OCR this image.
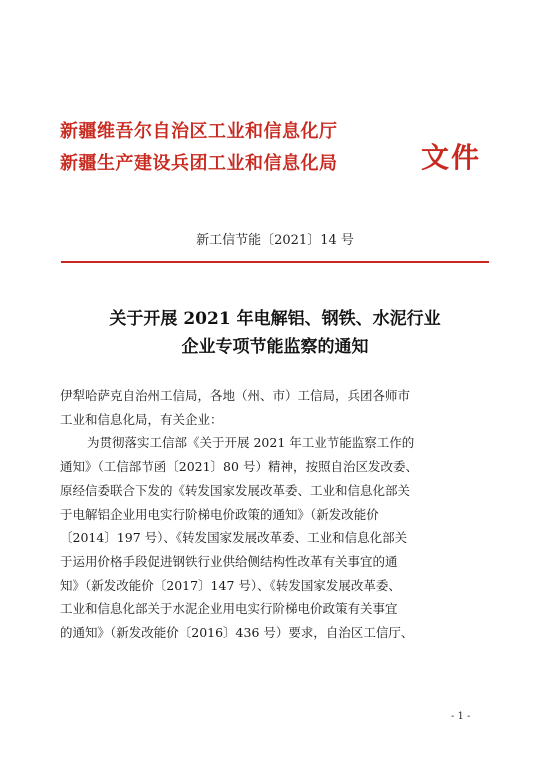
新疆维吾尔自治区工业和信息化厅
新疆生产建设兵团工业和信息化局	文件
新工信节能〔2021〕14 号
关于开展 2021 年电解铝、钢铁、水泥行业
企业专项节能监察的通知
伊犁哈萨克自治州工信局，各地（州、市）工信局，兵团各师市
工业和信息化局，有关企业：
为贯彻落实工信部《关于开展 2021 年工业节能监察工作的
通知》（工信部节函〔2021〕80 号）精神，按照自治区发改委、
原经信委联合下发的《转发国家发展改革委、工业和信息化部关
于电解铝企业用电实行阶梯电价政策的通知》（新发改能价
〔2014〕197 号）、《转发国家发展改革委、工业和信息化部关
于运用价格手段促进钢铁行业供给侧结构性改革有关事宜的通
知》（新发改能价〔2017〕147 号）、《转发国家发展改革委、
工业和信息化部关于水泥企业用电实行阶梯电价政策有关事宜
的通知》（新发改能价〔2016〕436 号）要求，自治区工信厅、
- 1 -
